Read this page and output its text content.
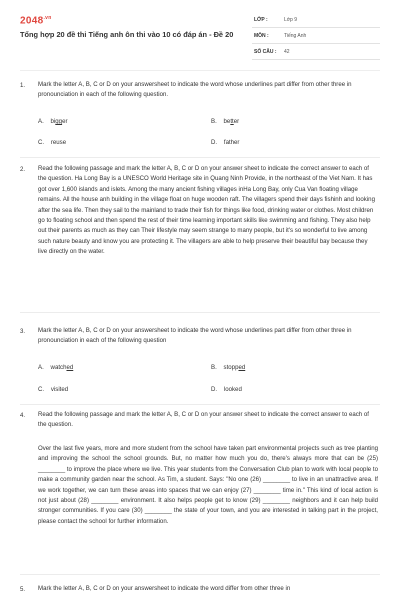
$2048^{.vn}$
Tổng hợp 20 đề thi Tiếng anh ôn thi vào 10 có đáp án - Đề 20
LỚP :	Lớp 9
MÔN :	Tiếng Anh
SỐ CÂU : 42
1. Mark the letter A, B, C or D on your answersheet to indicate the word whose underlines part differ from other three in pronounciation in each of the following question.
A. bigger	B. better
C. reuse	D. father
2. Read the following passage and mark the letter A, B, C or D on your answer sheet to indicate the correct answer to each of the question. Ha Long Bay is a UNESCO World Heritage site in Quang Ninh Provide, in the northeast of the Viet Nam. It has got over 1,600 islands and islets. Among the many ancient fishing villages inHa Long Bay, only Cua Van floating village remains. All the house anh building in the village float on huge wooden raft. The villagers spend their days fishinh and looking after the sea life. Then they sail to the mainland to trade their fish for things like food, drinking water or clothes. Most children go to floating school and then spend the rest of their time learning important skills like swimming and fishing. They also help out their parents as much as they can Their lifestyle may seem strange to many people, but it's so wonderful to live among such nature beauty and know you are protecting it. The villagers are able to help preserve their beautiful bay because they live directly on the water.
3. Mark the letter A, B, C or D on your answersheet to indicate the word whose underlines part differ from other three in pronounciation in each of the following question
A. watched	B. stopped
C. visited	D. looked
4. Read the following passage and mark the letter A, B, C or D on your answer sheet to indicate the correct answer to each of the question.
Over the last five years, more and more student from the school have taken part environmental projects such as tree planting and improving the school the school grounds. But, no matter how much you do, there's always more that can be (25) ________ to improve the place where we live. This year students from the Conversation Club plan to work with local people to make a community garden near the school. As Tim, a student. Says: "No one (26) ________ to live in an unattractive area. If we work together, we can turn these areas into spaces that we can enjoy (27) ________ time in." This kind of local action is not just about (28) ________ environment. It also helps people get to know (29) ________ neighbors and it can help build stronger communities. If you care (30) ________ the state of your town, and you are interested in talking part in the project, please contact the school for further information.
5. Mark the letter A, B, C or D on your answersheet to indicate the word differ from other three in
